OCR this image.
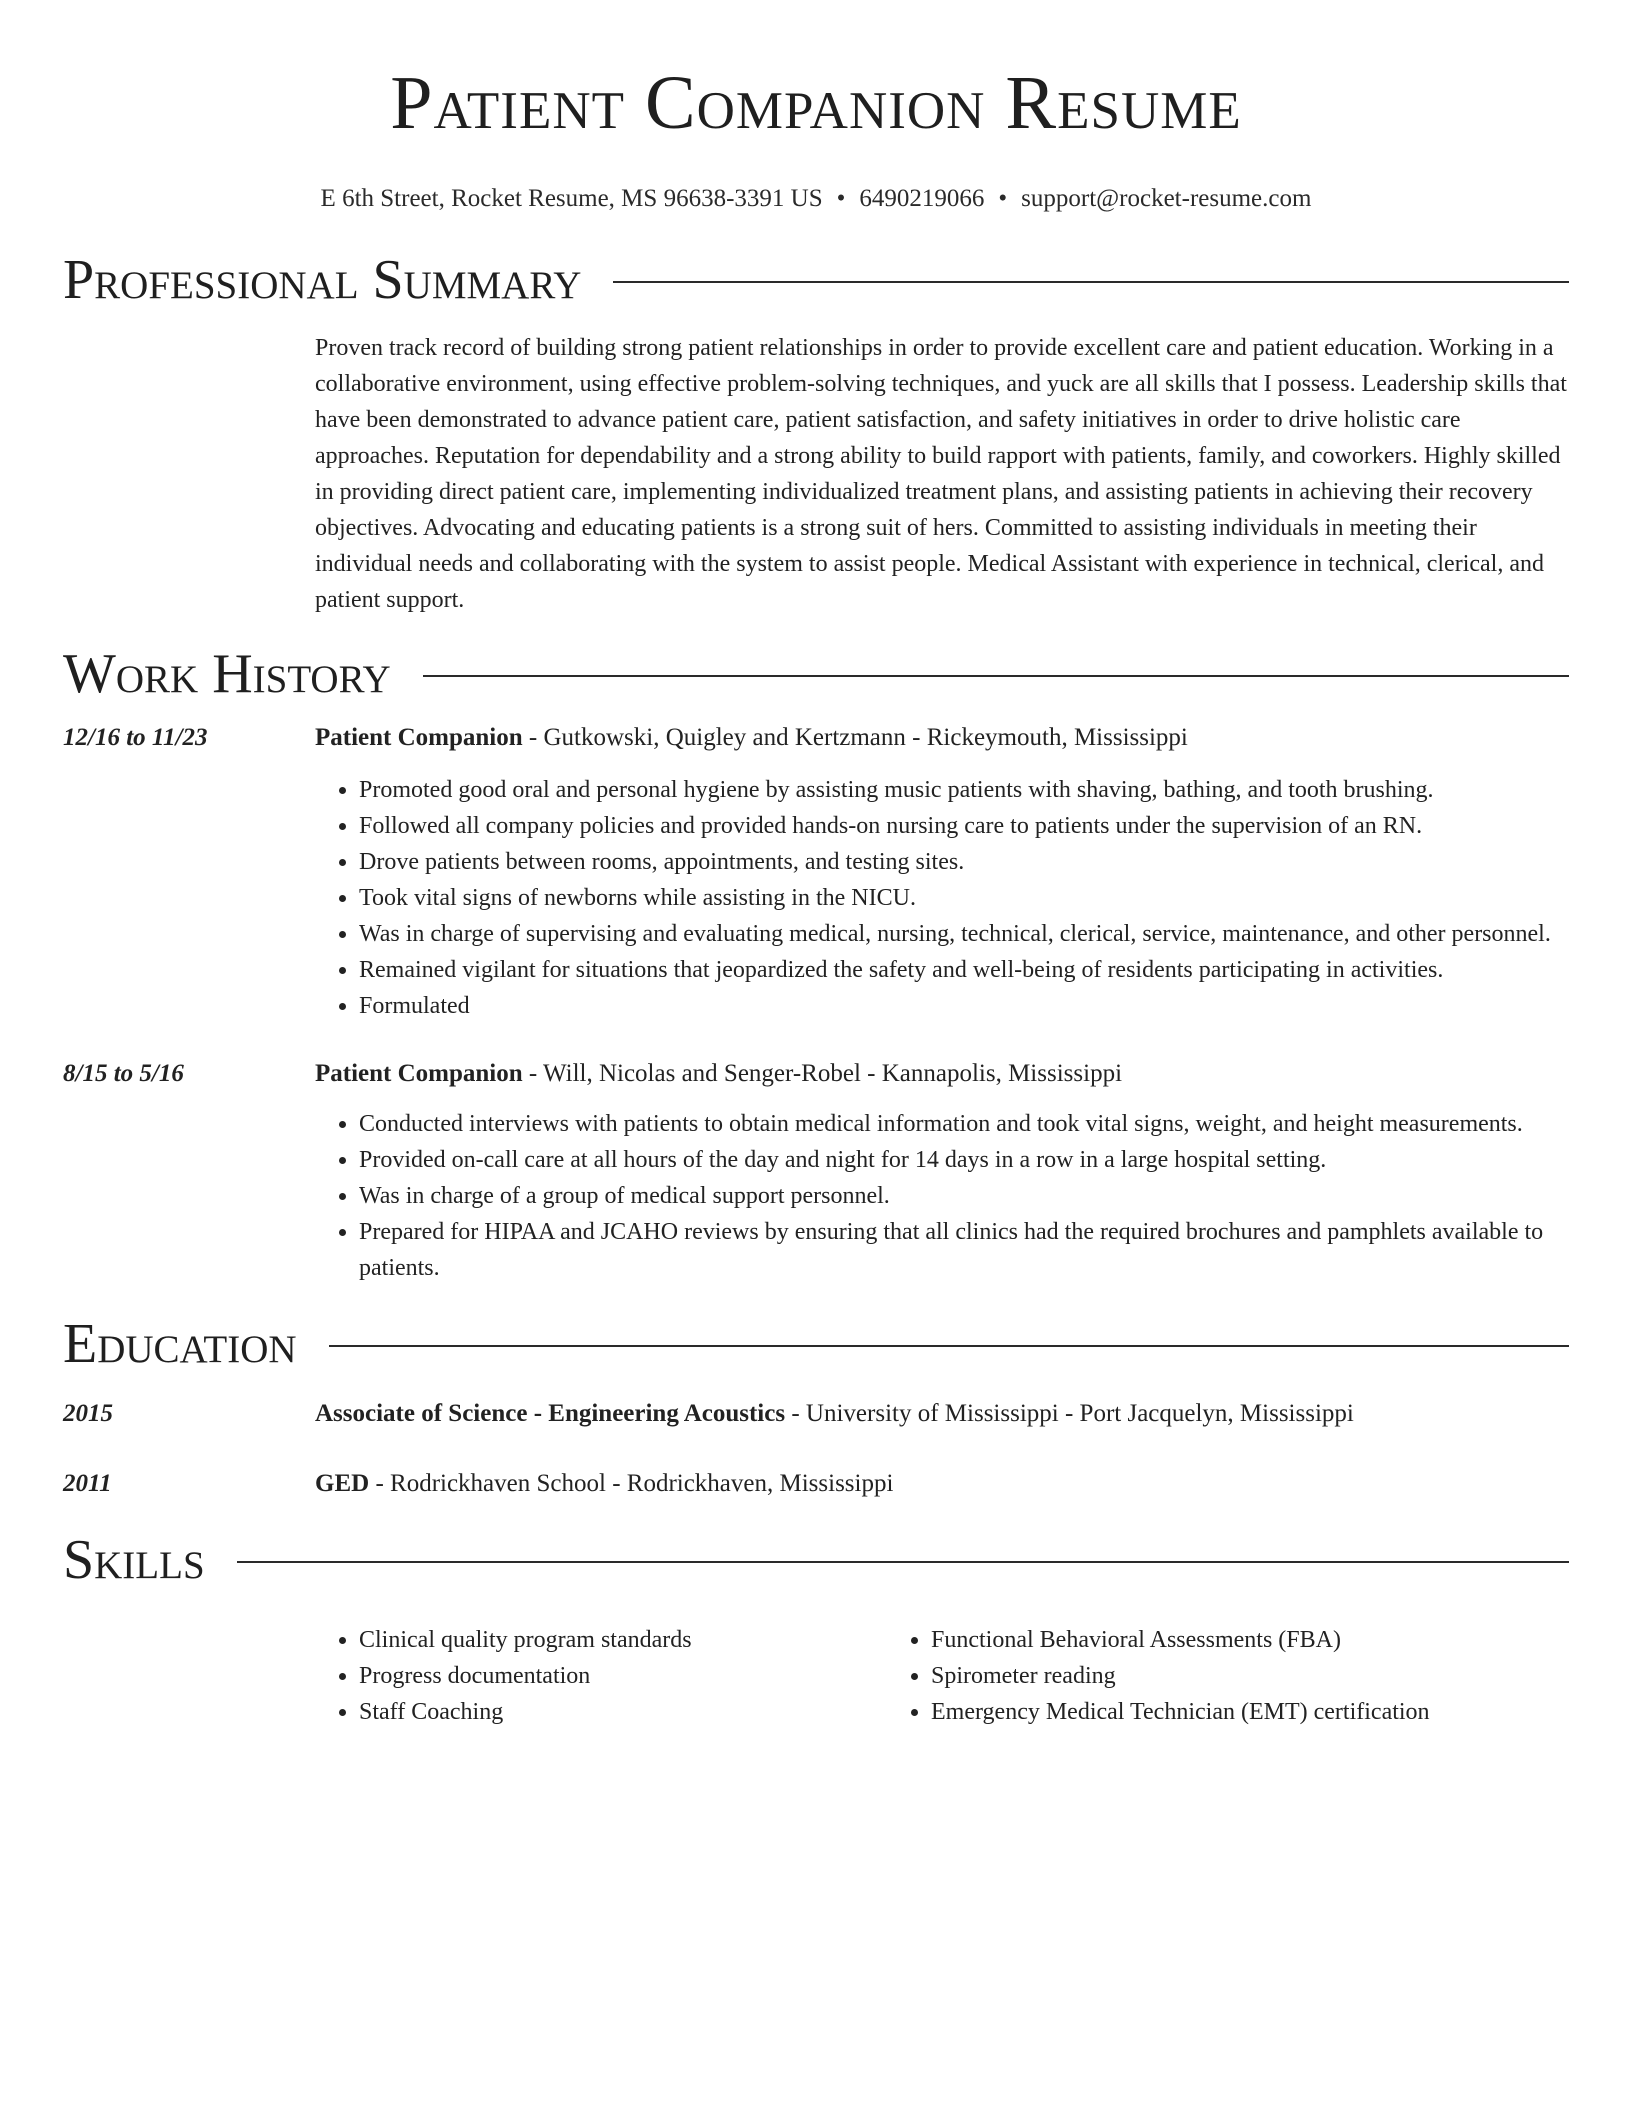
Patient Companion Resume
E 6th Street, Rocket Resume, MS 96638-3391 US • 6490219066 • support@rocket-resume.com
Professional Summary
Proven track record of building strong patient relationships in order to provide excellent care and patient education. Working in a collaborative environment, using effective problem-solving techniques, and yuck are all skills that I possess. Leadership skills that have been demonstrated to advance patient care, patient satisfaction, and safety initiatives in order to drive holistic care approaches. Reputation for dependability and a strong ability to build rapport with patients, family, and coworkers. Highly skilled in providing direct patient care, implementing individualized treatment plans, and assisting patients in achieving their recovery objectives. Advocating and educating patients is a strong suit of hers. Committed to assisting individuals in meeting their individual needs and collaborating with the system to assist people. Medical Assistant with experience in technical, clerical, and patient support.
Work History
12/16 to 11/23	Patient Companion - Gutkowski, Quigley and Kertzmann - Rickeymouth, Mississippi
• Promoted good oral and personal hygiene by assisting music patients with shaving, bathing, and tooth brushing.
• Followed all company policies and provided hands-on nursing care to patients under the supervision of an RN.
• Drove patients between rooms, appointments, and testing sites.
• Took vital signs of newborns while assisting in the NICU.
• Was in charge of supervising and evaluating medical, nursing, technical, clerical, service, maintenance, and other personnel.
• Remained vigilant for situations that jeopardized the safety and well-being of residents participating in activities.
• Formulated
8/15 to 5/16	Patient Companion - Will, Nicolas and Senger-Robel - Kannapolis, Mississippi
• Conducted interviews with patients to obtain medical information and took vital signs, weight, and height measurements.
• Provided on-call care at all hours of the day and night for 14 days in a row in a large hospital setting.
• Was in charge of a group of medical support personnel.
• Prepared for HIPAA and JCAHO reviews by ensuring that all clinics had the required brochures and pamphlets available to patients.
Education
2015	Associate of Science - Engineering Acoustics - University of Mississippi - Port Jacquelyn, Mississippi
2011	GED - Rodrickhaven School - Rodrickhaven, Mississippi
Skills
• Clinical quality program standards
• Progress documentation
• Staff Coaching
• Functional Behavioral Assessments (FBA)
• Spirometer reading
• Emergency Medical Technician (EMT) certification
